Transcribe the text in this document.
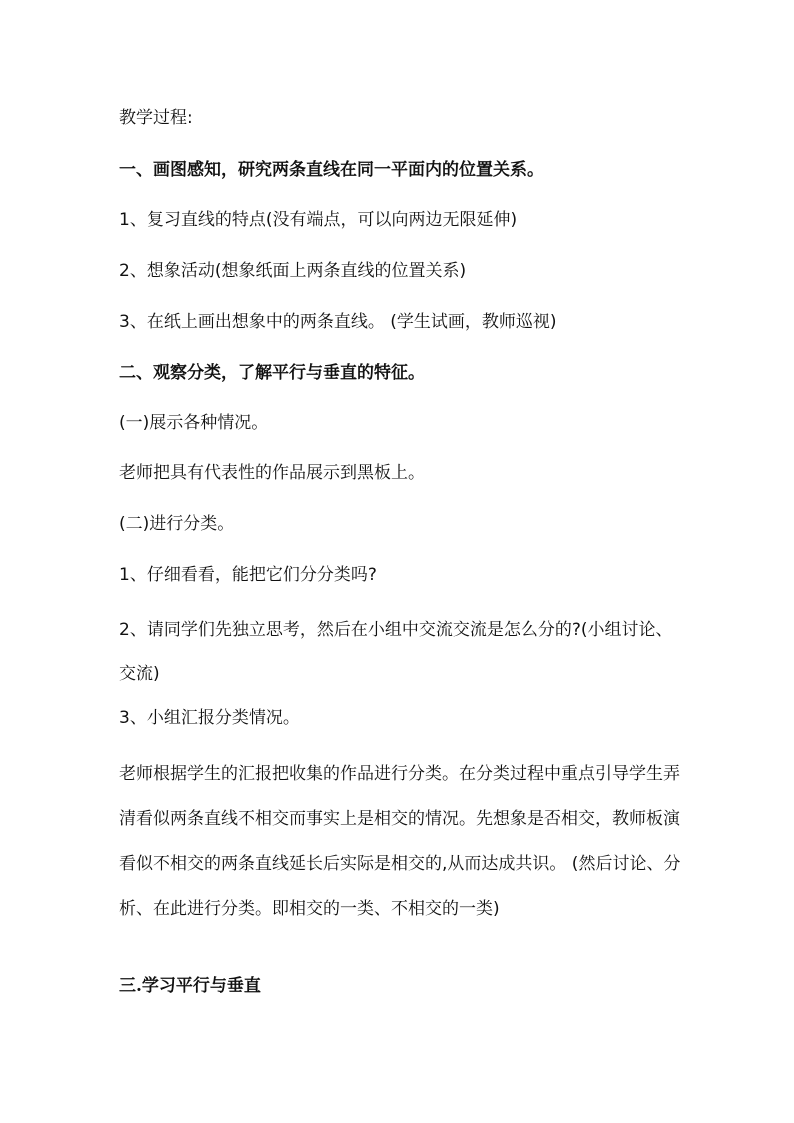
教学过程:
一、画图感知，研究两条直线在同一平面内的位置关系。
1、复习直线的特点(没有端点，可以向两边无限延伸)
2、想象活动(想象纸面上两条直线的位置关系)
3、在纸上画出想象中的两条直线。 (学生试画，教师巡视)
二、观察分类，了解平行与垂直的特征。
(一)展示各种情况。
老师把具有代表性的作品展示到黑板上。
(二)进行分类。
1、仔细看看，能把它们分分类吗?
2、请同学们先独立思考，然后在小组中交流交流是怎么分的?(小组讨论、交流)
3、小组汇报分类情况。
老师根据学生的汇报把收集的作品进行分类。在分类过程中重点引导学生弄清看似两条直线不相交而事实上是相交的情况。先想象是否相交，教师板演看似不相交的两条直线延长后实际是相交的,从而达成共识。 (然后讨论、分析、在此进行分类。即相交的一类、不相交的一类)
三.学习平行与垂直
